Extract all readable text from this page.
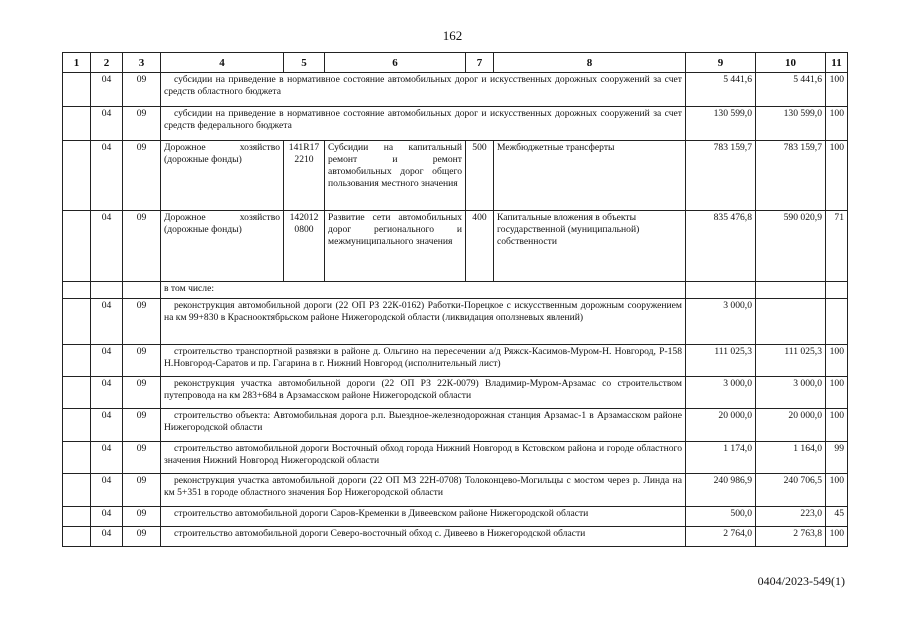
162
1	2	3	4	5	6	7	8	9	10	11
	04	09	субсидии на приведение в нормативное состояние автомобильных дорог и искусственных дорожных сооружений за счет средств областного бюджета					5 441,6	5 441,6	100
	04	09	субсидии на приведение в нормативное состояние автомобильных дорог и искусственных дорожных сооружений за счет средств федерального бюджета					130 599,0	130 599,0	100
	04	09	Дорожное хозяйство (дорожные фонды)	141R17 2210	Субсидии на капитальный ремонт и ремонт автомобильных дорог общего пользования местного значения	500	Межбюджетные трансферты	783 159,7	783 159,7	100
	04	09	Дорожное хозяйство (дорожные фонды)	142012 0800	Развитие сети автомобильных дорог регионального и межмуниципального значения	400	Капитальные вложения в объекты государственной (муниципальной) собственности	835 476,8	590 020,9	71
			в том числе:							
	04	09	реконструкция автомобильной дороги (22 ОП РЗ 22К-0162) Работки-Порецкое с искусственным дорожным сооружением на км 99+830 в Краснооктябрьском районе Нижегородской области (ликвидация оползневых явлений)					3 000,0		
	04	09	строительство транспортной развязки в районе д. Ольгино на пересечении а/д Ряжск-Касимов-Муром-Н. Новгород, Р-158 Н.Новгород-Саратов и пр. Гагарина в г. Нижний Новгород (исполнительный лист)					111 025,3	111 025,3	100
	04	09	реконструкция участка автомобильной дороги (22 ОП РЗ 22К-0079) Владимир-Муром-Арзамас со строительством путепровода на км 283+684 в Арзамасском районе Нижегородской области					3 000,0	3 000,0	100
	04	09	строительство объекта: Автомобильная дорога р.п. Выездное-железнодорожная станция Арзамас-1 в Арзамасском районе Нижегородской области					20 000,0	20 000,0	100
	04	09	строительство автомобильной дороги Восточный обход города Нижний Новгород в Кстовском района и городе областного значения Нижний Новгород Нижегородской области					1 174,0	1 164,0	99
	04	09	реконструкция участка автомобильной дороги (22 ОП МЗ 22Н-0708) Толоконцево-Могильцы с мостом через р. Линда на км 5+351 в городе областного значения Бор Нижегородской области					240 986,9	240 706,5	100
	04	09	строительство автомобильной дороги Саров-Кременки в Дивеевском районе Нижегородской области					500,0	223,0	45
	04	09	строительство автомобильной дороги Северо-восточный обход с. Дивеево в Нижегородской области					2 764,0	2 763,8	100
0404/2023-549(1)
